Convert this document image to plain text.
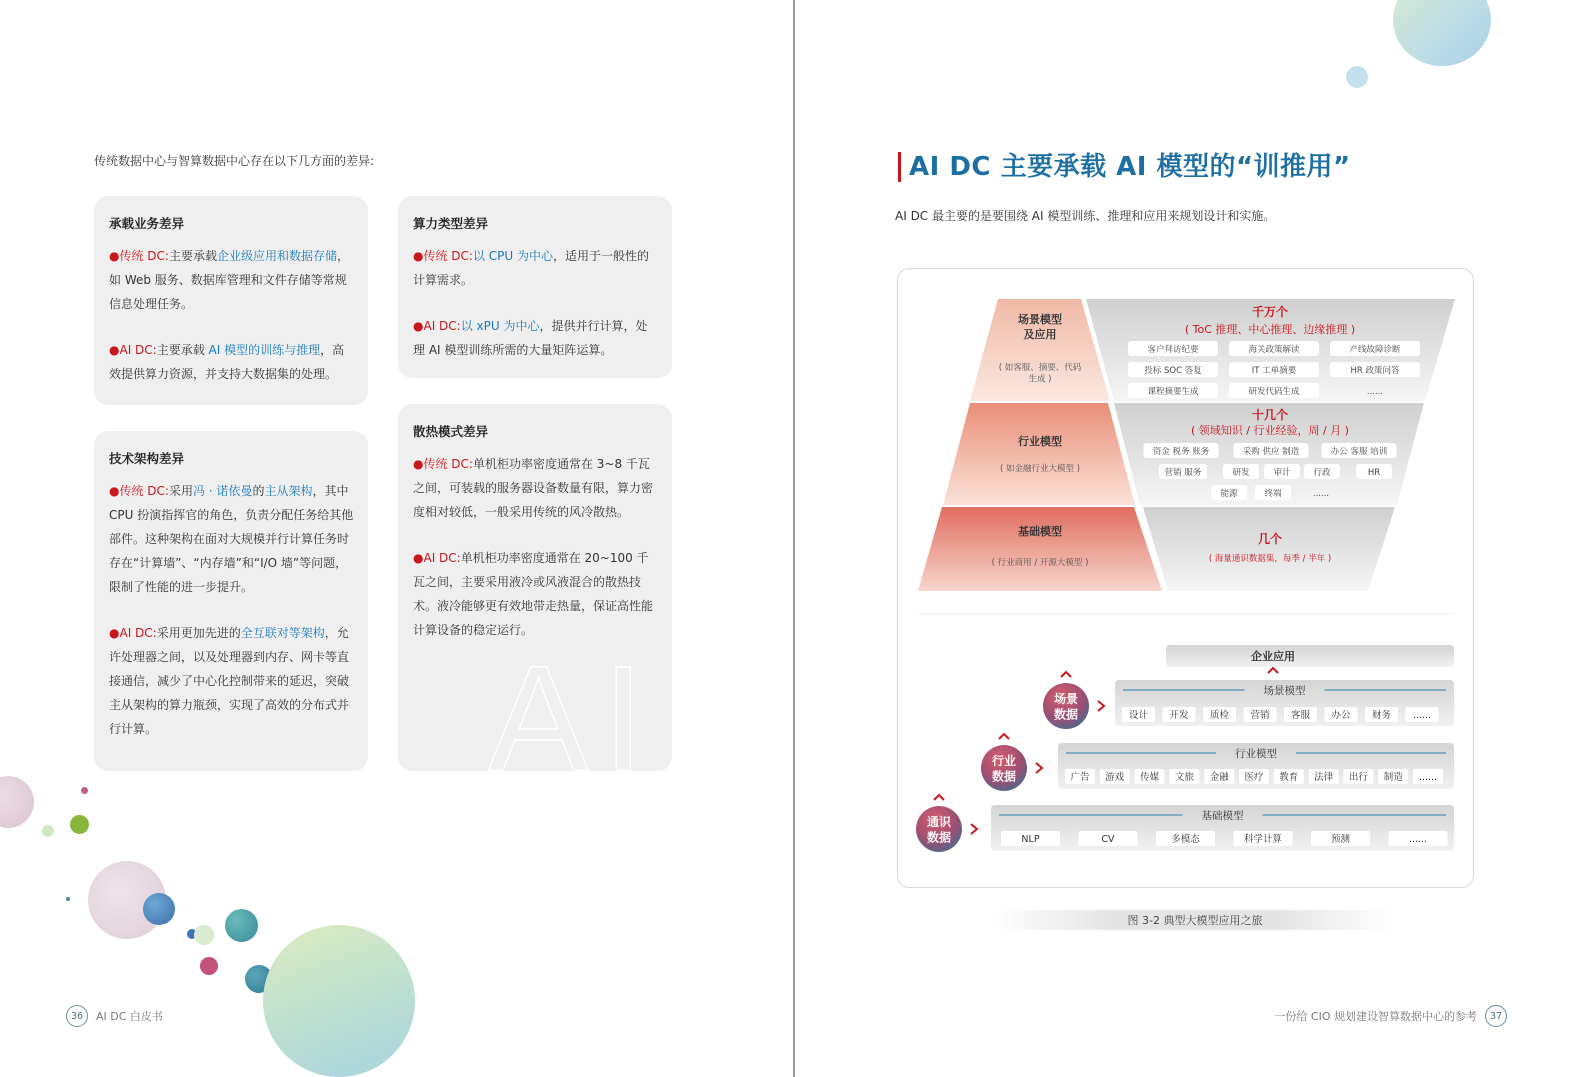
传统数据中心与智算数据中心存在以下几方面的差异:
承载业务差异
●传统 DC:主要承载企业级应用和数据存储，如 Web 服务、数据库管理和文件存储等常规信息处理任务。
●AI DC:主要承载 AI 模型的训练与推理，高效提供算力资源，并支持大数据集的处理。
算力类型差异
●传统 DC:以 CPU 为中心，适用于一般性的计算需求。
●AI DC:以 xPU 为中心，提供并行计算，处理 AI 模型训练所需的大量矩阵运算。
技术架构差异
●传统 DC:采用冯 · 诺依曼的主从架构，其中 CPU 扮演指挥官的角色，负责分配任务给其他部件。这种架构在面对大规模并行计算任务时存在“计算墙”、“内存墙”和“I/O 墙”等问题，限制了性能的进一步提升。
●AI DC:采用更加先进的全互联对等架构，允许处理器之间，以及处理器到内存、网卡等直接通信，减少了中心化控制带来的延迟，突破主从架构的算力瓶颈，实现了高效的分布式并行计算。
散热模式差异
●传统 DC:单机柜功率密度通常在 3~8 千瓦之间，可装载的服务器设备数量有限，算力密度相对较低，一般采用传统的风冷散热。
●AI DC:单机柜功率密度通常在 20~100 千瓦之间，主要采用液冷或风液混合的散热技术。液冷能够更有效地带走热量，保证高性能计算设备的稳定运行。
AI
36	AI DC 白皮书
AI DC 主要承载 AI 模型的“训推用”
AI DC 最主要的是要围绕 AI 模型训练、推理和应用来规划设计和实施。
场景模型及应用
( 如客服、摘要、代码生成 )
行业模型
( 如金融行业大模型 )
基础模型
( 行业商用 / 开源大模型 )
千万个
( ToC 推理、中心推理、边缘推理 )
十几个
( 领域知识 / 行业经验，周 / 月 )
几个
( 海量通识数据集，每季 / 半年 )
客户拜访纪要	海关政策解读	产线故障诊断
投标 SOC 答复	IT 工单摘要	HR 政策问答
课程摘要生成	研发代码生成	......
资金 税务 账务	采购 供应 制造	办公 客服 培训
营销 服务	研发	审计	行政	HR
能源	终端	......
企业应用
场景模型
设计 开发 质检 营销 客服 办公 财务 ......
场景数据
行业模型
广告 游戏 传媒 文旅 金融 医疗 教育 法律 出行 制造 ......
行业数据
基础模型
NLP	CV	多模态	科学计算	预测	......
通识数据
图 3-2 典型大模型应用之旅
一份给 CIO 规划建设智算数据中心的参考	37
